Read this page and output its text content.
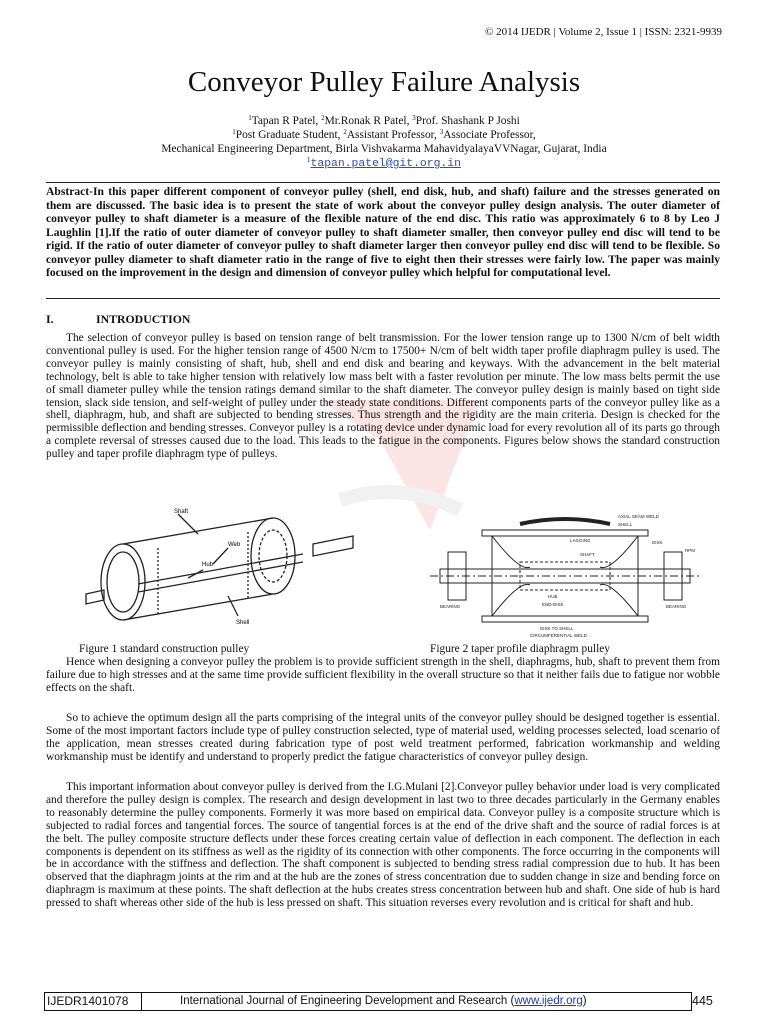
© 2014 IJEDR | Volume 2, Issue 1 | ISSN: 2321-9939
Conveyor Pulley Failure Analysis
$^1$Tapan R Patel, $^2$Mr.Ronak R Patel, $^3$Prof. Shashank P Joshi
$^1$Post Graduate Student, $^2$Assistant Professor, $^3$Associate Professor,
Mechanical Engineering Department, Birla Vishvakarma MahavidyalayaVVNagar, Gujarat, India
$^1$tapan.patel@git.org.in
Abstract-In this paper different component of conveyor pulley (shell, end disk, hub, and shaft) failure and the stresses generated on them are discussed. The basic idea is to present the state of work about the conveyor pulley design analysis. The outer diameter of conveyor pulley to shaft diameter is a measure of the flexible nature of the end disc. This ratio was approximately 6 to 8 by Leo J Laughlin [1].If the ratio of outer diameter of conveyor pulley to shaft diameter smaller, then conveyor pulley end disc will tend to be rigid. If the ratio of outer diameter of conveyor pulley to shaft diameter larger then conveyor pulley end disc will tend to be flexible. So conveyor pulley diameter to shaft diameter ratio in the range of five to eight then their stresses were fairly low. The paper was mainly focused on the improvement in the design and dimension of conveyor pulley which helpful for computational level.
I.	INTRODUCTION
The selection of conveyor pulley is based on tension range of belt transmission. For the lower tension range up to 1300 N/cm of belt width conventional pulley is used. For the higher tension range of 4500 N/cm to 17500+ N/cm of belt width taper profile diaphragm pulley is used. The conveyor pulley is mainly consisting of shaft, hub, shell and end disk and bearing and keyways. With the advancement in the belt material technology, belt is able to take higher tension with relatively low mass belt with a faster revolution per minute. The low mass belts permit the use of small diameter pulley while the tension ratings demand similar to the shaft diameter. The conveyor pulley design is mainly based on tight side tension, slack side tension, and self-weight of pulley under the steady state conditions. Different components parts of the conveyor pulley like as a shell, diaphragm, hub, and shaft are subjected to bending stresses. Thus strength and the rigidity are the main criteria. Design is checked for the permissible deflection and bending stresses. Conveyor pulley is a rotating device under dynamic load for every revolution all of its parts go through a complete reversal of stresses caused due to the load. This leads to the fatigue in the components. Figures below shows the standard construction pulley and taper profile diaphragm type of pulleys.
Shaft
Web
Hub
Shell
AXIAL SEAM WELD
SHELL
LAGGING	DISK
RPM
BEARING	BEARING
SHAFT
HUB
END-DISK
DISK TO SHELL
CIRCUMFERENTIAL WELD
Figure 1 standard construction pulley	Figure 2 taper profile diaphragm pulley
Hence when designing a conveyor pulley the problem is to provide sufficient strength in the shell, diaphragms, hub, shaft to prevent them from failure due to high stresses and at the same time provide sufficient flexibility in the overall structure so that it neither fails due to fatigue nor wobble effects on the shaft.
So to achieve the optimum design all the parts comprising of the integral units of the conveyor pulley should be designed together is essential. Some of the most important factors include type of pulley construction selected, type of material used, welding processes selected, load scenario of the application, mean stresses created during fabrication type of post weld treatment performed, fabrication workmanship and welding workmanship must be identify and understand to properly predict the fatigue characteristics of conveyor pulley design.
This important information about conveyor pulley is derived from the I.G.Mulani [2].Conveyor pulley behavior under load is very complicated and therefore the pulley design is complex. The research and design development in last two to three decades particularly in the Germany enables to reasonably determine the pulley components. Formerly it was more based on empirical data. Conveyor pulley is a composite structure which is subjected to radial forces and tangential forces. The source of tangential forces is at the end of the drive shaft and the source of radial forces is at the belt. The pulley composite structure deflects under these forces creating certain value of deflection in each component. The deflection in each components is dependent on its stiffness as well as the rigidity of its connection with other components. The force occurring in the components will be in accordance with the stiffness and deflection. The shaft component is subjected to bending stress radial compression due to hub. It has been observed that the diaphragm joints at the rim and at the hub are the zones of stress concentration due to sudden change in size and bending force on diaphragm is maximum at these points. The shaft deflection at the hubs creates stress concentration between hub and shaft. One side of hub is hard pressed to shaft whereas other side of the hub is less pressed on shaft. This situation reverses every revolution and is critical for shaft and hub.
IJEDR1401078	International Journal of Engineering Development and Research (www.ijedr.org)	445
